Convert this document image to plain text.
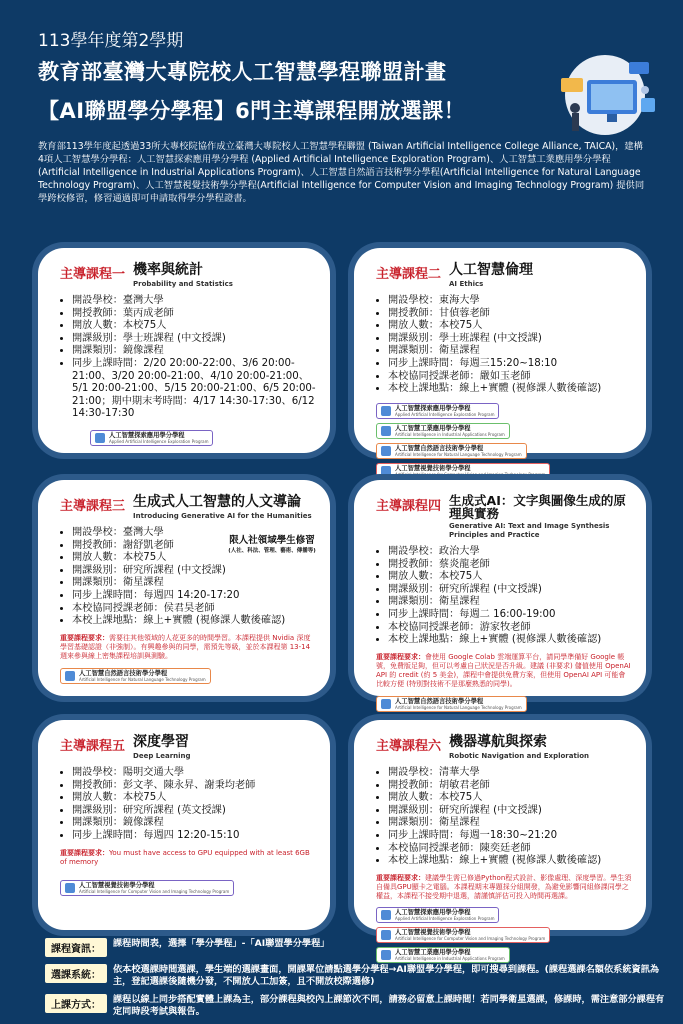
113學年度第2學期
教育部臺灣大專院校人工智慧學程聯盟計畫
【AI聯盟學分學程】6門主導課程開放選課！
教育部113學年度起透過33所大專校院協作成立臺灣大專院校人工智慧學程聯盟 (Taiwan Artificial Intelligence College Alliance, TAICA)，建構4項人工智慧學分學程：人工智慧探索應用學分學程 (Applied Artificial Intelligence Exploration Program)、人工智慧工業應用學分學程(Artificial Intelligence in Industrial Applications Program)、人工智慧自然語言技術學分學程(Artificial Intelligence for Natural Language Technology Program)、人工智慧視覺技術學分學程(Artificial Intelligence for Computer Vision and Imaging Technology Program) 提供同學跨校修習，修習通過即可申請取得學分學程證書。
主導課程一 機率與統計
Probability and Statistics
• 開設學校：臺灣大學
• 開授教師：葉丙成老師
• 開放人數：本校75人
• 開課級別：學士班課程 (中文授課)
• 開課類別：鏡像課程
• 同步上課時間：2/20 20:00-22:00、3/6 20:00-21:00、3/20 20:00-21:00、4/10 20:00-21:00、5/1 20:00-21:00、5/15 20:00-21:00、6/5 20:00-21:00；期中期末考時間：4/17 14:30-17:30、6/12 14:30-17:30
人工智慧探索應用學分學程
Applied Artificial Intelligence Exploration Program
主導課程二 人工智慧倫理
AI Ethics
• 開設學校：東海大學
• 開授教師：甘偵蓉老師
• 開放人數：本校75人
• 開課級別：學士班課程 (中文授課)
• 開課類別：衛星課程
• 同步上課時間：每週三15:20~18:10
• 本校協同授課老師：嚴如玉老師
• 本校上課地點：線上+實體 (視修課人數後確認)
人工智慧探索應用學分學程
Applied Artificial Intelligence Exploration Program

人工智慧工業應用學分學程
Artificial Intelligence in Industrial Applications Program

人工智慧自然語言技術學分學程
Artificial Intelligence for Natural Language Technology Program

人工智慧視覺技術學分學程
Artificial Intelligence for Computer Vision and Imaging Technology Program
主導課程三 生成式人工智慧的人文導論
Introducing Generative AI for the Humanities
限人社領域學生修習
(人社、科法、管理、藝術、傳播等)
• 開設學校：臺灣大學
• 開授教師：謝舒凱老師
• 開放人數：本校75人
• 開課級別：研究所課程 (中文授課)
• 開課類別：衛星課程
• 同步上課時間：每週四 14:20-17:20
• 本校協同授課老師：侯君昊老師
• 本校上課地點：線上+實體 (視修課人數後確認)
重要課程要求：需要往其他領域的人花更多的時間學習。本課程提供 Nvidia 深度學習基礎認證（非強制）。有興趣參與的同學，需預先等級，並於本課程第 13-14 週來參與線上密集課程培訓與測驗。
人工智慧自然語言技術學分學程
Artificial Intelligence for Natural Language Technology Program
主導課程四 生成式AI：文字與圖像生成的原理與實務
Generative AI: Text and Image Synthesis Principles and Practice
• 開設學校：政治大學
• 開授教師：蔡炎龍老師
• 開放人數：本校75人
• 開課級別：研究所課程 (中文授課)
• 開課類別：衛星課程
• 同步上課時間：每週二 16:00-19:00
• 本校協同授課老師：游家牧老師
• 本校上課地點：線上+實體 (視修課人數後確認)
重要課程要求：會使用 Google Colab 雲端運算平台，請同學準備好 Google 帳號，免費版足夠，但可以考慮自己狀況是否升級。建議 (非要求) 儲值使用 OpenAI API 的 credit (約 5 美金)，課程中會提供免費方案，但使用 OpenAI API 可能會比較方便 (特別對技術不是那麼熟悉的同學)。
人工智慧自然語言技術學分學程
Artificial Intelligence for Natural Language Technology Program
主導課程五 深度學習
Deep Learning
• 開設學校：陽明交通大學
• 開授教師：彭文孝、陳永昇、謝秉均老師
• 開放人數：本校75人
• 開課級別：研究所課程 (英文授課)
• 開課類別：鏡像課程
• 同步上課時間：每週四 12:20-15:10
重要課程要求：You must have access to GPU equipped with at least 6GB of memory
人工智慧視覺技術學分學程
Artificial Intelligence for Computer Vision and Imaging Technology Program
主導課程六 機器導航與探索
Robotic Navigation and Exploration
• 開設學校：清華大學
• 開授教師：胡敏君老師
• 開放人數：本校75人
• 開課級別：研究所課程 (中文授課)
• 開課類別：衛星課程
• 同步上課時間：每週一18:30~21:20
• 本校協同授課老師：陳奕廷老師
• 本校上課地點：線上+實體 (視修課人數後確認)
重要課程要求：建議學生需已修過Python程式設計、影像處理、深度學習。學生須自備具GPU顯卡之電腦。本課程期末專題採分組開發，為避免影響同組修課同學之權益，本課程不接受期中退選，請謹慎評估可投入時間再選課。
人工智慧探索應用學分學程
Applied Artificial Intelligence Exploration Program

人工智慧視覺技術學分學程
Artificial Intelligence for Computer Vision and Imaging Technology Program

人工智慧工業應用學分學程
Artificial Intelligence in Industrial Applications Program
課程資訊：
課程時間表，選擇「學分學程」-「AI聯盟學分學程」
選課系統：
依本校選課時間選課，學生端的選課畫面，開課單位請點選學分學程→AI聯盟學分學程，即可搜尋到課程。(課程選課名額依系統資訊為主，登記選課後隨機分發，不開放人工加簽，且不開放校際選修)
上課方式：
課程以線上同步搭配實體上課為主，部分課程與校內上課節次不同，請務必留意上課時間！若同學衛星選課，修課時，需注意部分課程有定同時段考試與報告。
